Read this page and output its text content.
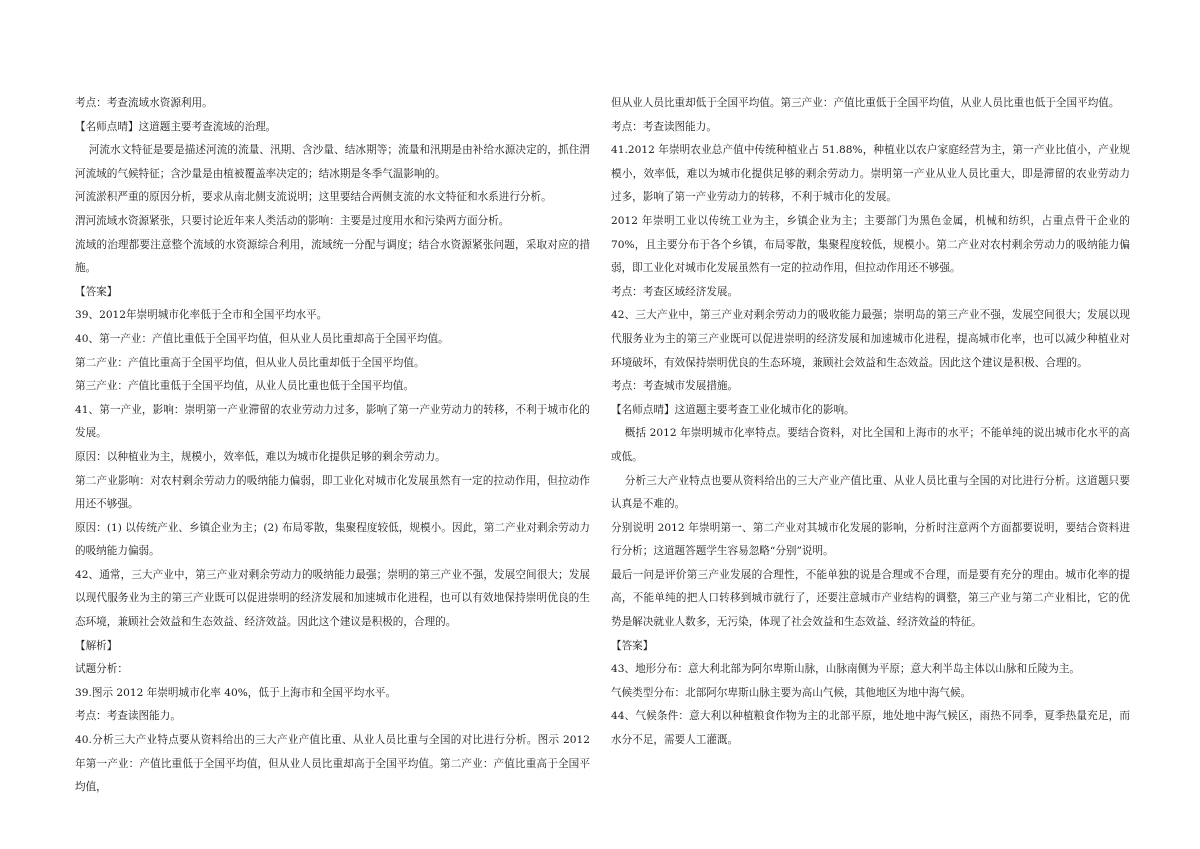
考点：考查流域水资源利用。

【名师点晴】这道题主要考查流域的治理。

河流水文特征是要是描述河流的流量、汛期、含沙量、结冰期等；流量和汛期是由补给水源决定的，抓住渭河流域的气候特征；含沙量是由植被覆盖率决定的；结冰期是冬季气温影响的。

河流淤积严重的原因分析，要求从南北侧支流说明；这里要结合两侧支流的水文特征和水系进行分析。

渭河流域水资源紧张，只要讨论近年来人类活动的影响：主要是过度用水和污染两方面分析。

流域的治理都要注意整个流域的水资源综合利用，流域统一分配与调度；结合水资源紧张问题，采取对应的措施。

【答案】

39、2012年崇明城市化率低于全市和全国平均水平。

40、第一产业：产值比重低于全国平均值，但从业人员比重却高于全国平均值。

第二产业：产值比重高于全国平均值，但从业人员比重却低于全国平均值。

第三产业：产值比重低于全国平均值，从业人员比重也低于全国平均值。

41、第一产业，影响：崇明第一产业滞留的农业劳动力过多，影响了第一产业劳动力的转移，不利于城市化的发展。

原因：以种植业为主，规模小，效率低，难以为城市化提供足够的剩余劳动力。

第二产业影响：对农村剩余劳动力的吸纳能力偏弱，即工业化对城市化发展虽然有一定的拉动作用，但拉动作用还不够强。

原因：(1) 以传统产业、乡镇企业为主；(2) 布局零散，集聚程度较低，规模小。因此，第二产业对剩余劳动力的吸纳能力偏弱。

42、通常，三大产业中，第三产业对剩余劳动力的吸纳能力最强；崇明的第三产业不强，发展空间很大；发展以现代服务业为主的第三产业既可以促进崇明的经济发展和加速城市化进程，也可以有效地保持崇明优良的生态环境，兼顾社会效益和生态效益、经济效益。因此这个建议是积极的，合理的。

【解析】

试题分析：

39.图示 2012 年崇明城市化率 40%，低于上海市和全国平均水平。

考点：考查读图能力。

40.分析三大产业特点要从资料给出的三大产业产值比重、从业人员比重与全国的对比进行分析。图示 2012 年第一产业：产值比重低于全国平均值，但从业人员比重却高于全国平均值。第二产业：产值比重高于全国平均值，

但从业人员比重却低于全国平均值。第三产业：产值比重低于全国平均值，从业人员比重也低于全国平均值。

考点：考查读图能力。

41.2012 年崇明农业总产值中传统种植业占 51.88%，种植业以农户家庭经营为主，第一产业比值小，产业规模小，效率低，难以为城市化提供足够的剩余劳动力。崇明第一产业从业人员比重大，即是滞留的农业劳动力过多，影响了第一产业劳动力的转移，不利于城市化的发展。

2012 年崇明工业以传统工业为主，乡镇企业为主；主要部门为黑色金属，机械和纺织，占重点骨干企业的 70%，且主要分布于各个乡镇，布局零散，集聚程度较低，规模小。第二产业对农村剩余劳动力的吸纳能力偏弱，即工业化对城市化发展虽然有一定的拉动作用，但拉动作用还不够强。

考点：考查区域经济发展。

42、三大产业中，第三产业对剩余劳动力的吸收能力最强；崇明岛的第三产业不强，发展空间很大；发展以现代服务业为主的第三产业既可以促进崇明的经济发展和加速城市化进程，提高城市化率，也可以减少种植业对环境破坏，有效保持崇明优良的生态环境，兼顾社会效益和生态效益。因此这个建议是积极、合理的。

考点：考查城市发展措施。

【名师点晴】这道题主要考查工业化城市化的影响。

概括 2012 年崇明城市化率特点。要结合资料，对比全国和上海市的水平；不能单纯的说出城市化水平的高或低。

分析三大产业特点也要从资料给出的三大产业产值比重、从业人员比重与全国的对比进行分析。这道题只要认真是不难的。

分别说明 2012 年崇明第一、第二产业对其城市化发展的影响，分析时注意两个方面都要说明，要结合资料进行分析；这道题答题学生容易忽略“分别”说明。

最后一问是评价第三产业发展的合理性，不能单独的说是合理或不合理，而是要有充分的理由。城市化率的提高，不能单纯的把人口转移到城市就行了，还要注意城市产业结构的调整，第三产业与第二产业相比，它的优势是解决就业人数多，无污染，体现了社会效益和生态效益、经济效益的特征。

【答案】

43、地形分布：意大利北部为阿尔卑斯山脉，山脉南侧为平原；意大利半岛主体以山脉和丘陵为主。

气候类型分布：北部阿尔卑斯山脉主要为高山气候，其他地区为地中海气候。

44、气候条件：意大利以种植粮食作物为主的北部平原，地处地中海气候区，雨热不同季，夏季热量充足，而水分不足，需要人工灌溉。
